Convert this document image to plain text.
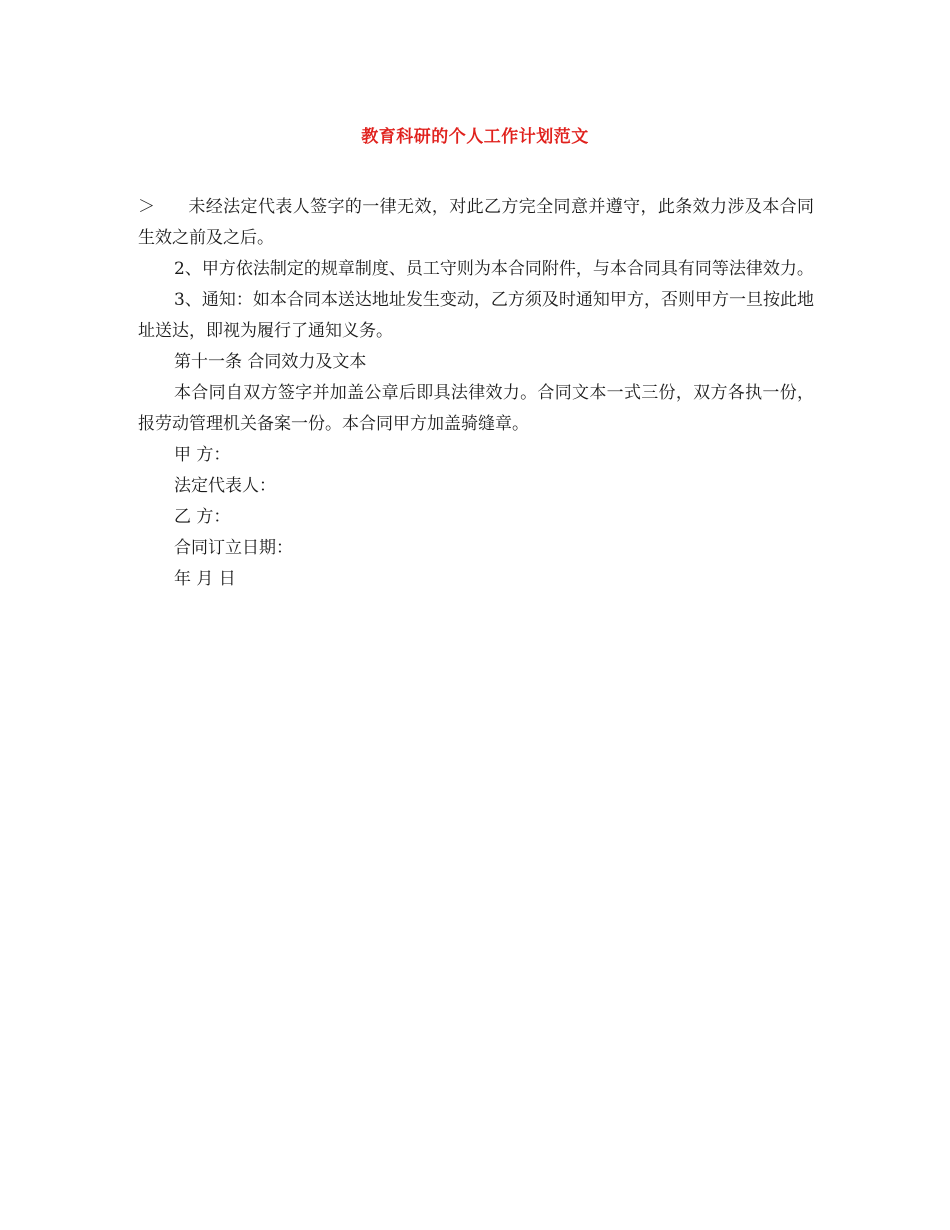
教育科研的个人工作计划范文

＞ 未经法定代表人签字的一律无效，对此乙方完全同意并遵守，此条效力涉及本合同生效之前及之后。

2、甲方依法制定的规章制度、员工守则为本合同附件，与本合同具有同等法律效力。

3、通知：如本合同本送达地址发生变动，乙方须及时通知甲方，否则甲方一旦按此地址送达，即视为履行了通知义务。

第十一条 合同效力及文本

本合同自双方签字并加盖公章后即具法律效力。合同文本一式三份，双方各执一份，报劳动管理机关备案一份。本合同甲方加盖骑缝章。

甲 方：

法定代表人：

乙 方：

合同订立日期：

年 月 日
